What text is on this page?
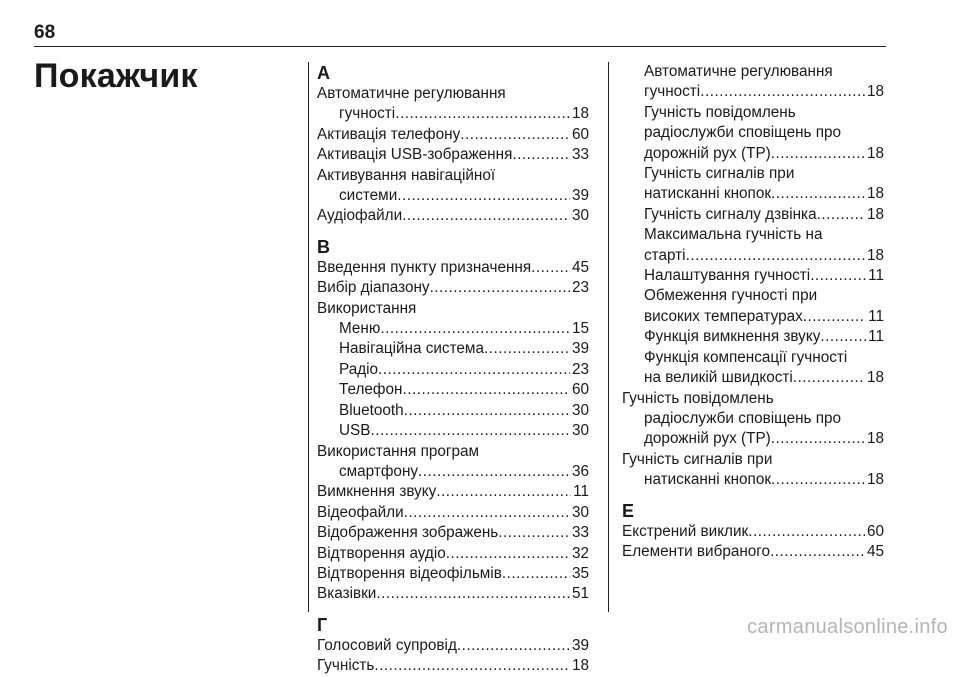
68
Покажчик	А
Автоматичне регулювання
гучності .....	18
Активація телефону .....	60
Активація USB-зображення .....	33
Активування навігаційної
системи .....	39
Аудіофайли .....	30
В
Введення пункту призначення .....	45
Вибір діапазону .....	23
Використання
Меню .....	15
Навігаційна система .....	39
Радіо .....	23
Телефон .....	60
Bluetooth .....	30
USB .....	30
Використання програм
смартфону .....	36
Вимкнення звуку .....	11
Відеофайли .....	30
Відображення зображень .....	33
Відтворення аудіо .....	32
Відтворення відеофільмів .....	35
Вказівки .....	51
Г
Голосовий супровід .....	39
Гучність .....	18
Автоматичне регулювання
гучності .....	18
Гучність повідомлень
радіослужби сповіщень про
дорожній рух (TP) .....	18
Гучність сигналів при
натисканні кнопок .....	18
Гучність сигналу дзвінка .....	18
Максимальна гучність на
старті .....	18
Налаштування гучності .....	11
Обмеження гучності при
високих температурах .....	11
Функція вимкнення звуку .....	11
Функція компенсації гучності
на великій швидкості .....	18
Гучність повідомлень
радіослужби сповіщень про
дорожній рух (TP) .....	18
Гучність сигналів при
натисканні кнопок .....	18
Е
Екстрений виклик .....	60
Елементи вибраного .....	45
carmanualsonline.info
